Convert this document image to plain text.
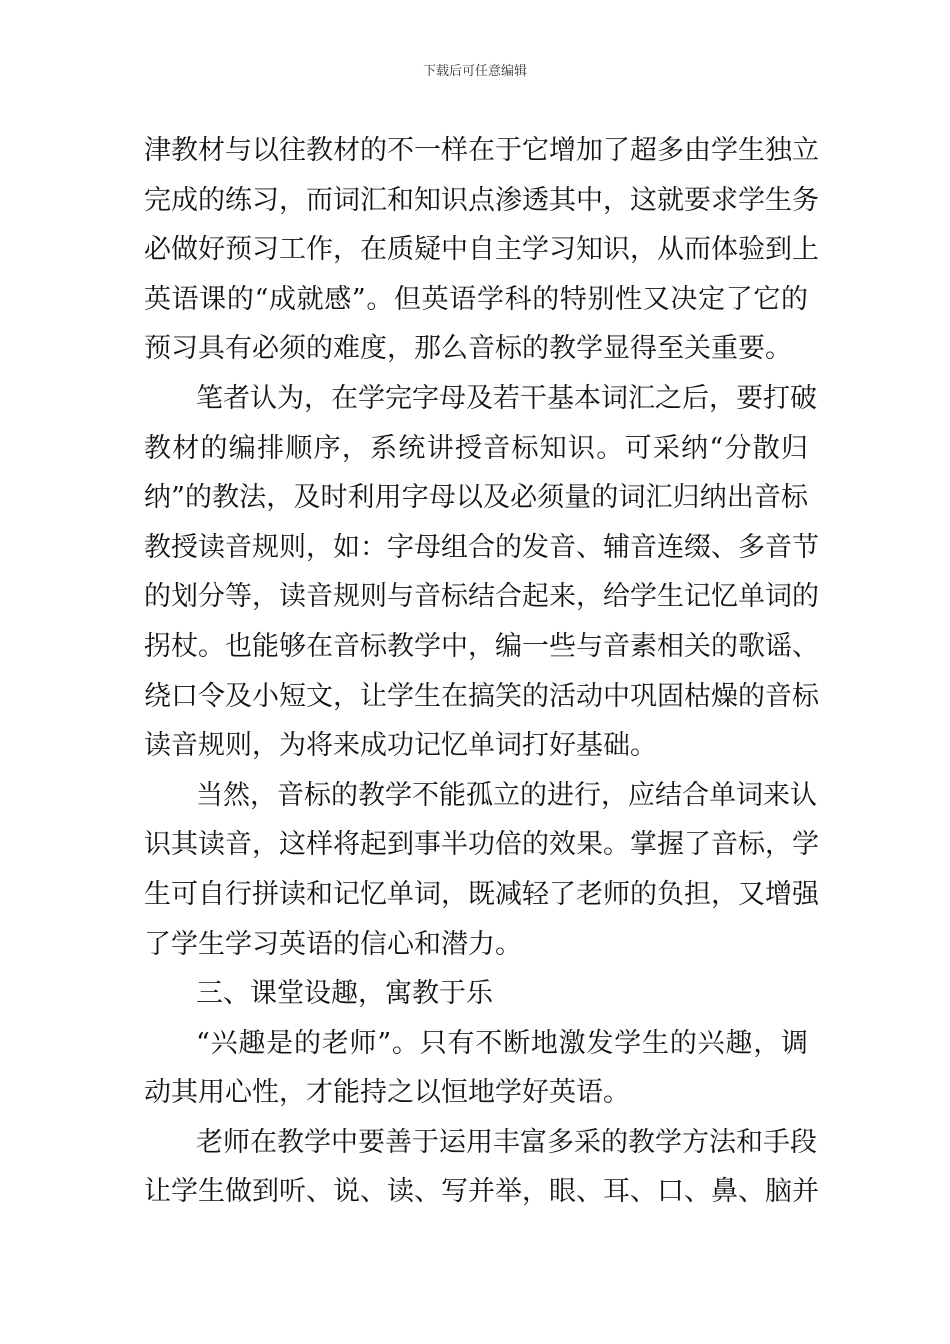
下载后可任意编辑
津教材与以往教材的不一样在于它增加了超多由学生独立
完成的练习，而词汇和知识点渗透其中，这就要求学生务
必做好预习工作，在质疑中自主学习知识，从而体验到上
英语课的“成就感”。但英语学科的特别性又决定了它的
预习具有必须的难度，那么音标的教学显得至关重要。
笔者认为，在学完字母及若干基本词汇之后，要打破
教材的编排顺序，系统讲授音标知识。可采纳“分散归
纳”的教法，及时利用字母以及必须量的词汇归纳出音标
教授读音规则，如：字母组合的发音、辅音连缀、多音节
的划分等，读音规则与音标结合起来，给学生记忆单词的
拐杖。也能够在音标教学中，编一些与音素相关的歌谣、
绕口令及小短文，让学生在搞笑的活动中巩固枯燥的音标
读音规则，为将来成功记忆单词打好基础。
当然，音标的教学不能孤立的进行，应结合单词来认
识其读音，这样将起到事半功倍的效果。掌握了音标，学
生可自行拼读和记忆单词，既减轻了老师的负担，又增强
了学生学习英语的信心和潜力。
三、课堂设趣，寓教于乐
“兴趣是的老师”。只有不断地激发学生的兴趣，调
动其用心性，才能持之以恒地学好英语。
老师在教学中要善于运用丰富多采的教学方法和手段
让学生做到听、说、读、写并举，眼、耳、口、鼻、脑并
